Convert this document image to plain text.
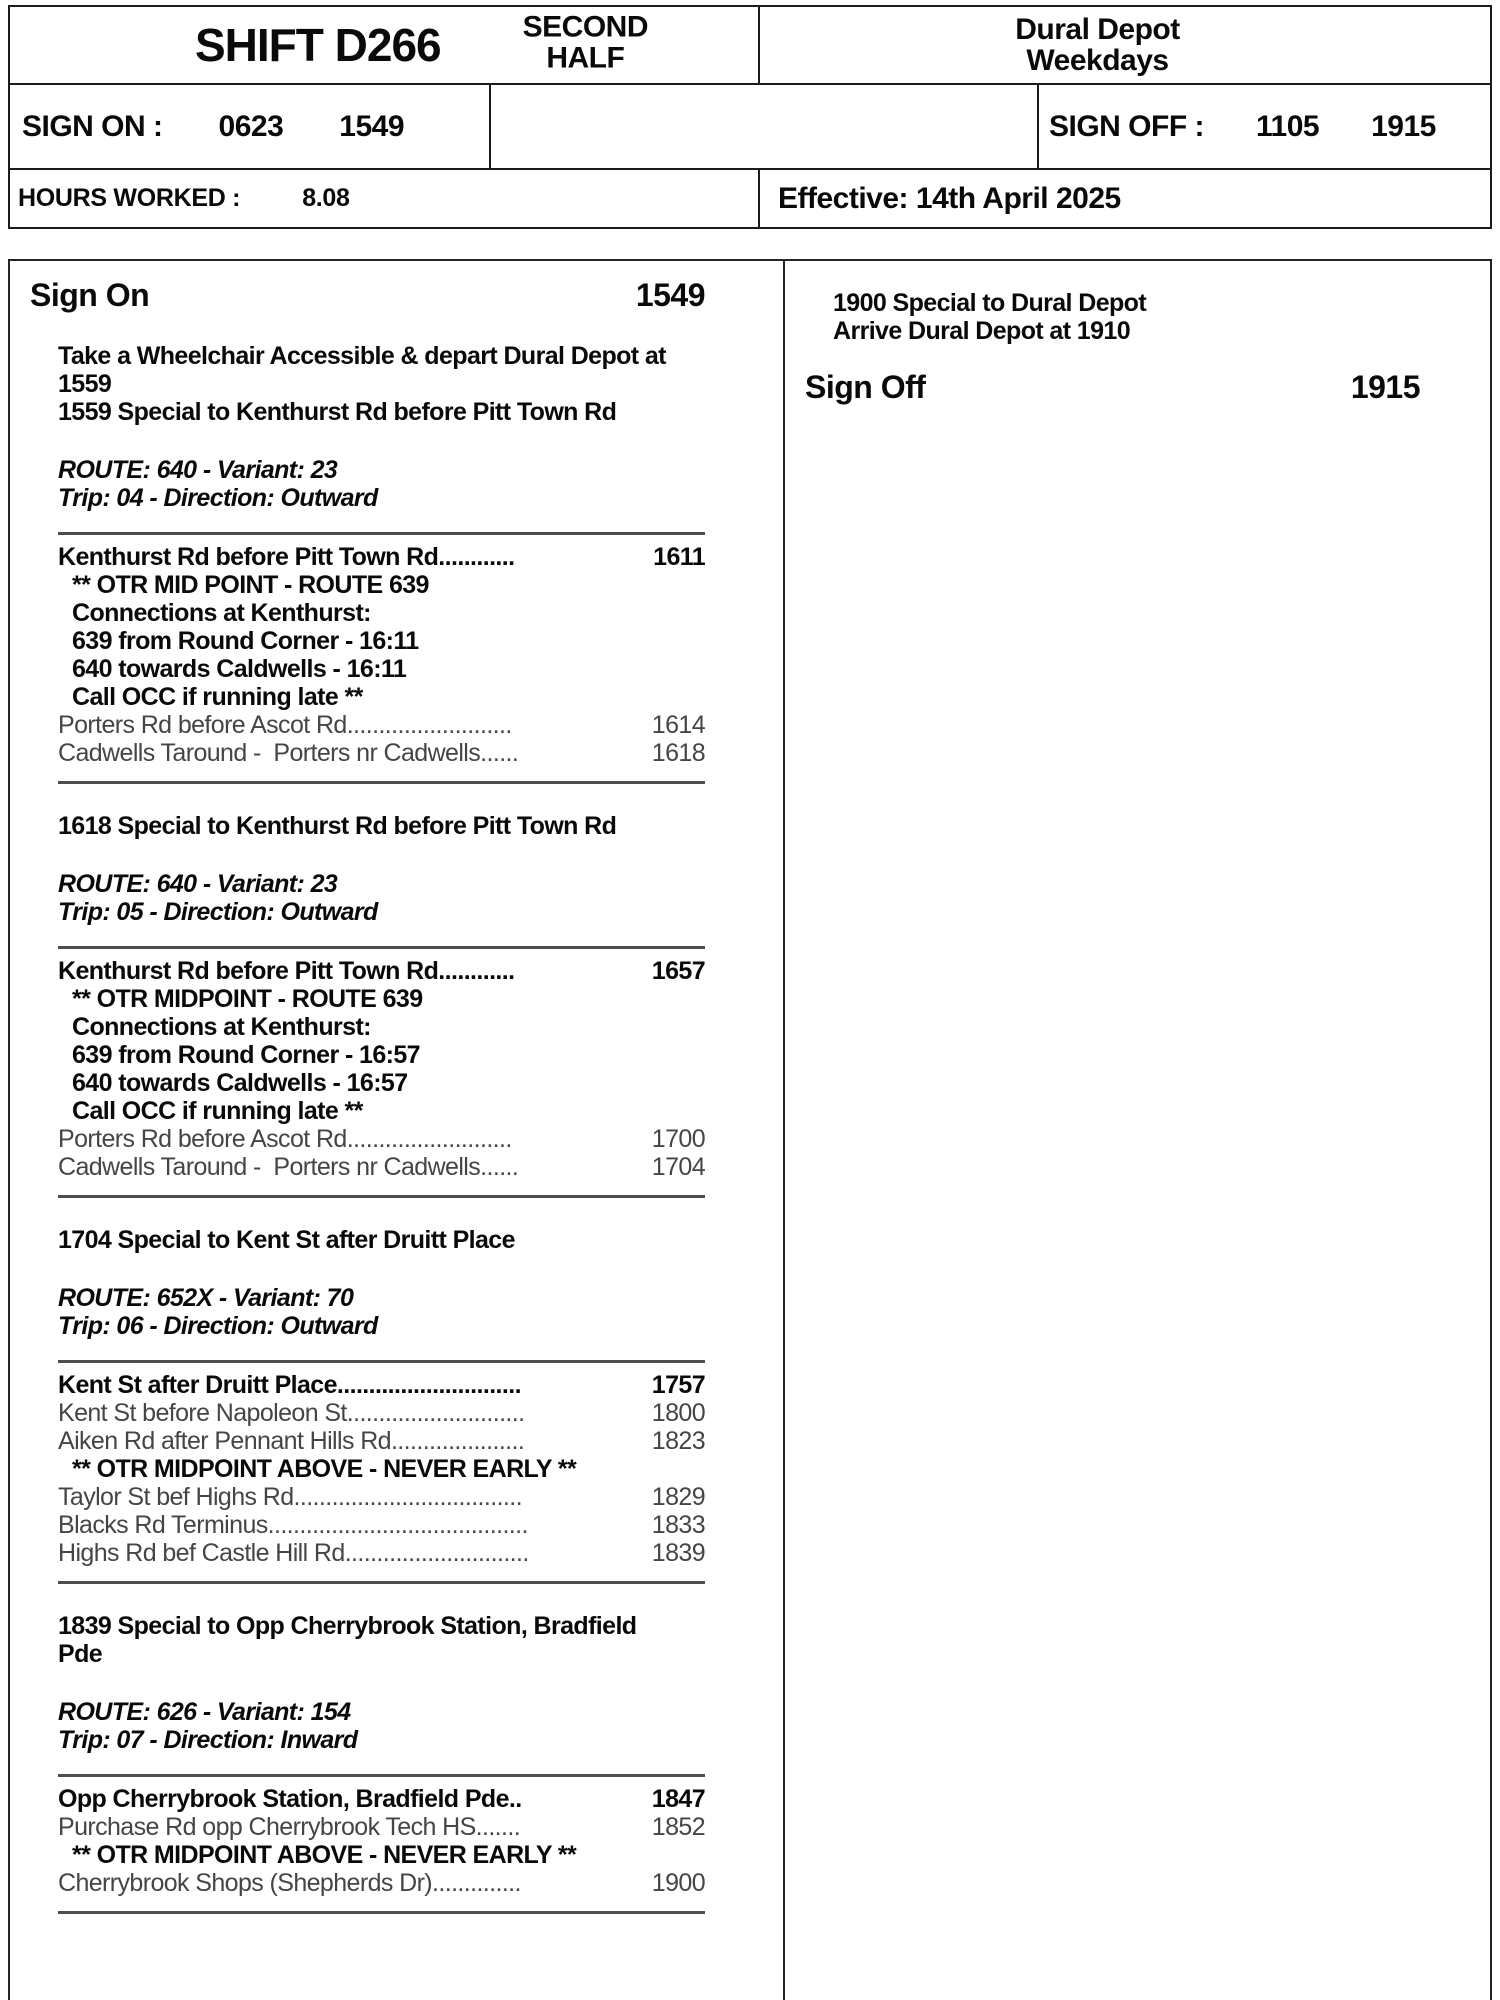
SHIFT D266	SECOND
HALF
Dural Depot
Weekdays
SIGN ON : 0623 1549	SIGN OFF : 1105 1915
HOURS WORKED : 8.08	Effective: 14th April 2025
Sign On	1549
Take a Wheelchair Accessible & depart Dural Depot at
1559
1559 Special to Kenthurst Rd before Pitt Town Rd
ROUTE: 640 - Variant: 23
Trip: 04 - Direction: Outward
Kenthurst Rd before Pitt Town Rd............	1611
** OTR MID POINT - ROUTE 639
Connections at Kenthurst:
639 from Round Corner - 16:11
640 towards Caldwells - 16:11
Call OCC if running late **
Porters Rd before Ascot Rd..........................	1614
Cadwells Taround -  Porters nr Cadwells......	1618
1618 Special to Kenthurst Rd before Pitt Town Rd
ROUTE: 640 - Variant: 23
Trip: 05 - Direction: Outward
Kenthurst Rd before Pitt Town Rd............	1657
** OTR MIDPOINT - ROUTE 639
Connections at Kenthurst:
639 from Round Corner - 16:57
640 towards Caldwells - 16:57
Call OCC if running late **
Porters Rd before Ascot Rd..........................	1700
Cadwells Taround -  Porters nr Cadwells......	1704
1704 Special to Kent St after Druitt Place
ROUTE: 652X - Variant: 70
Trip: 06 - Direction: Outward
Kent St after Druitt Place.............................	1757
Kent St before Napoleon St............................	1800
Aiken Rd after Pennant Hills Rd.....................	1823
** OTR MIDPOINT ABOVE - NEVER EARLY **
Taylor St bef Highs Rd....................................	1829
Blacks Rd Terminus.........................................	1833
Highs Rd bef Castle Hill Rd.............................	1839
1839 Special to Opp Cherrybrook Station, Bradfield
Pde
ROUTE: 626 - Variant: 154
Trip: 07 - Direction: Inward
Opp Cherrybrook Station, Bradfield Pde..	1847
Purchase Rd opp Cherrybrook Tech HS.......	1852
** OTR MIDPOINT ABOVE - NEVER EARLY **
Cherrybrook Shops (Shepherds Dr)..............	1900
1900 Special to Dural Depot
Arrive Dural Depot at 1910
Sign Off	1915
